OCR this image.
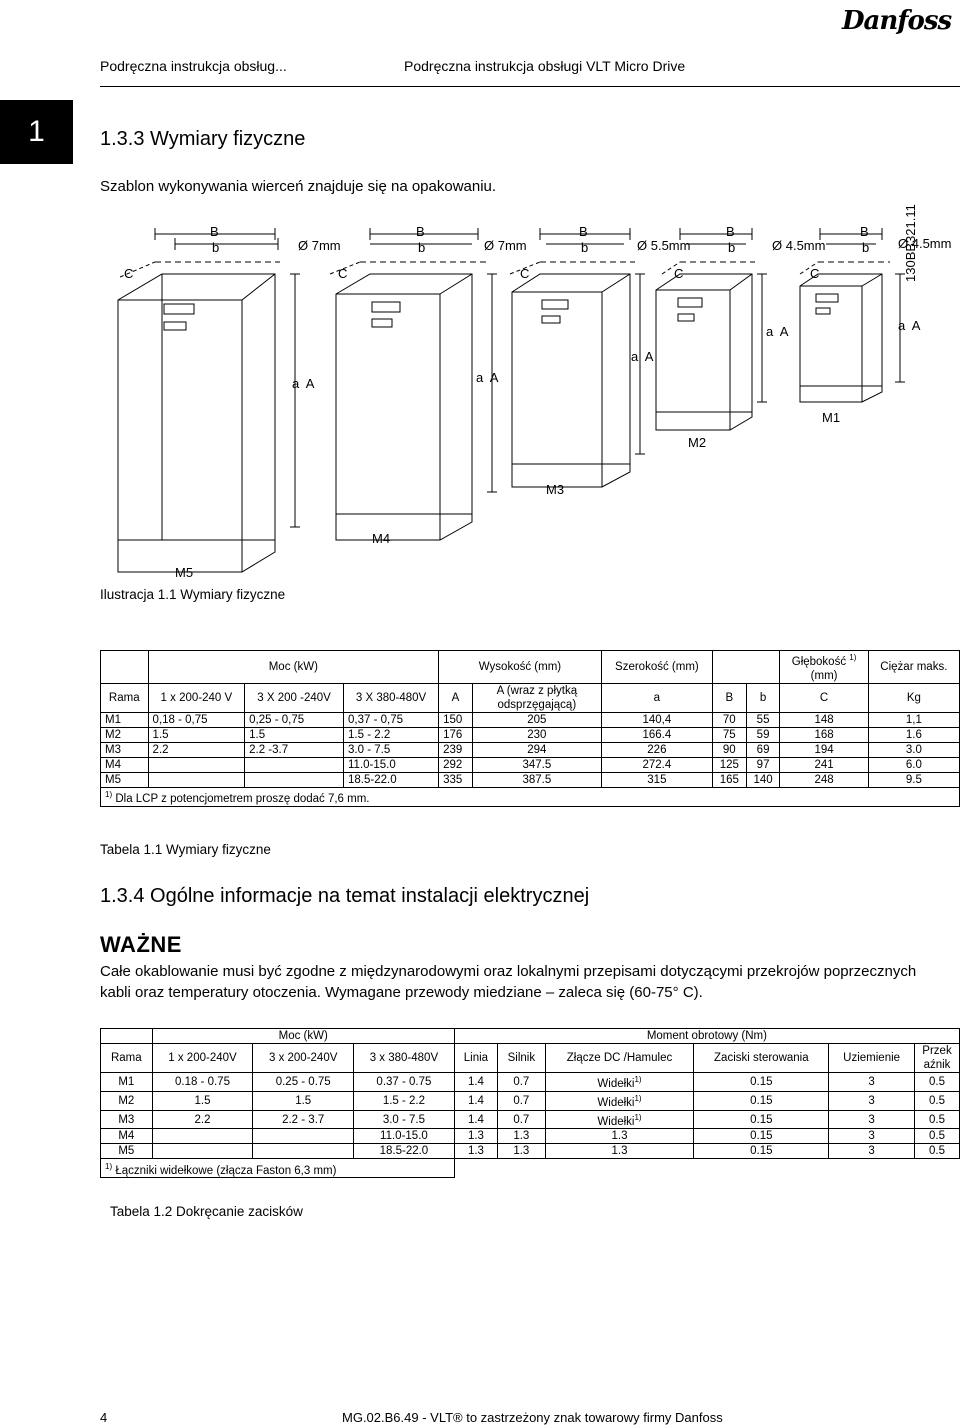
Podręczna instrukcja obsług...	Podręczna instrukcja obsługi VLT Micro Drive
Danfoss
1	1.3.3 Wymiary fizyczne
Szablon wykonywania wierceń znajduje się na opakowaniu.
M5
M4
M3
M2
M1
Ø 7mm	Ø 7mm	Ø 5.5mm	Ø 4.5mm	Ø 4.5mm
B
b
B
b
B
b
B
b
B
b
C	C	C	C	C
a  A	a  A
a  A
a  A	a  A
130BB321.11
Ilustracja 1.1 Wymiary fizyczne
	Moc (kW)			Wysokość (mm)		Szerokość (mm)			Głębokość $^{1)}$
(mm)	Ciężar maks.
Rama	1 x 200-240 V	3 X 200 -240V	3 X 380-480V	A	A (wraz z płytką odsprzęgającą)	a	B	b	C	Kg
M1	0,18 - 0,75	0,25 - 0,75	0,37 - 0,75	150	205	140,4	70	55	148	1,1
M2	1.5	1.5	1.5 - 2.2	176	230	166.4	75	59	168	1.6
M3	2.2	2.2 -3.7	3.0 - 7.5	239	294	226	90	69	194	3.0
M4			11.0-15.0	292	347.5	272.4	125	97	241	6.0
M5			18.5-22.0	335	387.5	315	165	140	248	9.5
$^{1)}$ Dla LCP z potencjometrem proszę dodać 7,6 mm.										
Tabela 1.1 Wymiary fizyczne
1.3.4 Ogólne informacje na temat instalacji elektrycznej
WAŻNE
Całe okablowanie musi być zgodne z międzynarodowymi oraz lokalnymi przepisami dotyczącymi przekrojów poprzecznych kabli oraz temperatury otoczenia. Wymagane przewody miedziane – zaleca się (60-75° C).
	Moc (kW)			Moment obrotowy (Nm)					
Rama	1 x 200-240V	3 x 200-240V	3 x 380-480V	Linia	Silnik	Złącze DC /Hamulec	Zaciski sterowania	Uziemienie	Przek aźnik
M1	0.18 - 0.75	0.25 - 0.75	0.37 - 0.75	1.4	0.7	Widełki$^{1)}$	0.15	3	0.5
M2	1.5	1.5	1.5 - 2.2	1.4	0.7	Widełki$^{1)}$	0.15	3	0.5
M3	2.2	2.2 - 3.7	3.0 - 7.5	1.4	0.7	Widełki$^{1)}$	0.15	3	0.5
M4			11.0-15.0	1.3	1.3	1.3	0.15	3	0.5
M5			18.5-22.0	1.3	1.3	1.3	0.15	3	0.5
$^{1)}$ Łączniki widełkowe (złącza Faston 6,3 mm)									
Tabela 1.2 Dokręcanie zacisków
4	MG.02.B6.49 - VLT® to zastrzeżony znak towarowy firmy Danfoss
